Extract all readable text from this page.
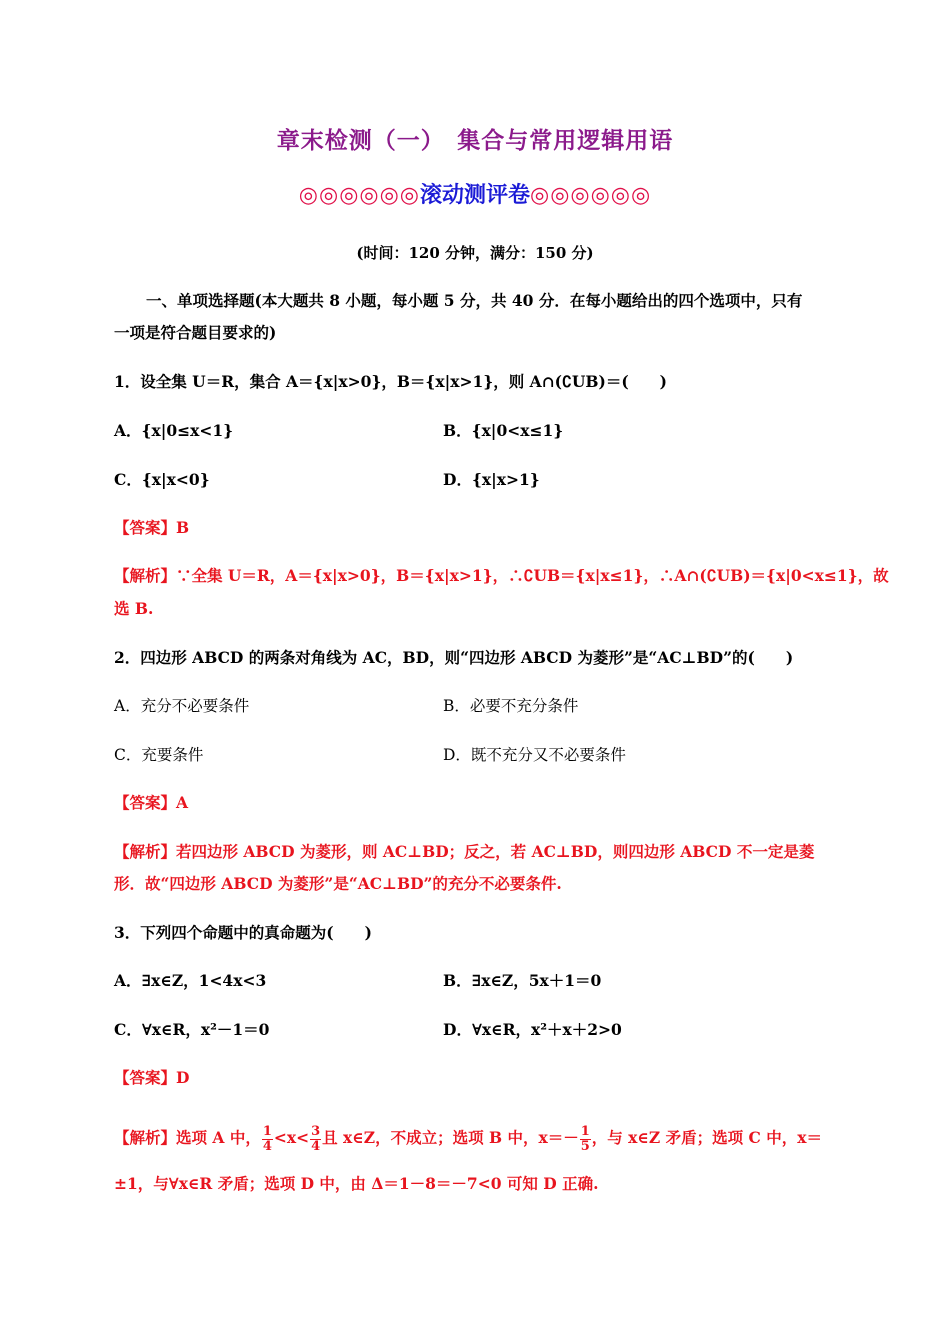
章末检测（一）　集合与常用逻辑用语
◎◎◎◎◎◎滚动测评卷◎◎◎◎◎◎
(时间：120 分钟，满分：150 分)
一、单项选择题(本大题共 8 小题，每小题 5 分，共 40 分．在每小题给出的四个选项中，只有
一项是符合题目要求的)
1．设全集 U＝R，集合 A＝{x|x>0}，B＝{x|x>1}，则 A∩(∁UB)＝(　　)
A．{x|0≤x<1}	B．{x|0<x≤1}
C．{x|x<0}	D．{x|x>1}
【答案】B
【解析】∵全集 U＝R，A＝{x|x>0}，B＝{x|x>1}，∴∁UB＝{x|x≤1}，∴A∩(∁UB)＝{x|0<x≤1}，故
选 B.
2．四边形 ABCD 的两条对角线为 AC，BD，则“四边形 ABCD 为菱形”是“AC⊥BD”的(　　)
A．充分不必要条件	B．必要不充分条件
C．充要条件	D．既不充分又不必要条件
【答案】A
【解析】若四边形 ABCD 为菱形，则 AC⊥BD；反之，若 AC⊥BD，则四边形 ABCD 不一定是菱
形．故“四边形 ABCD 为菱形”是“AC⊥BD”的充分不必要条件.
3．下列四个命题中的真命题为(　　)
A．∃x∈Z，1<4x<3	B．∃x∈Z，5x＋1＝0
C．∀x∈R，x²－1＝0	D．∀x∈R，x²＋x＋2>0
【答案】D
【解析】选项 A 中， $\frac{1}{4} <x< \frac{3}{4}$ 且 x∈Z，不成立；选项 B 中，$x=- \frac{1}{5}$ ，与 x∈Z 矛盾；选项 C 中，x＝
±1，与∀x∈R 矛盾；选项 D 中，由 Δ＝1－8＝－7<0 可知 D 正确.
